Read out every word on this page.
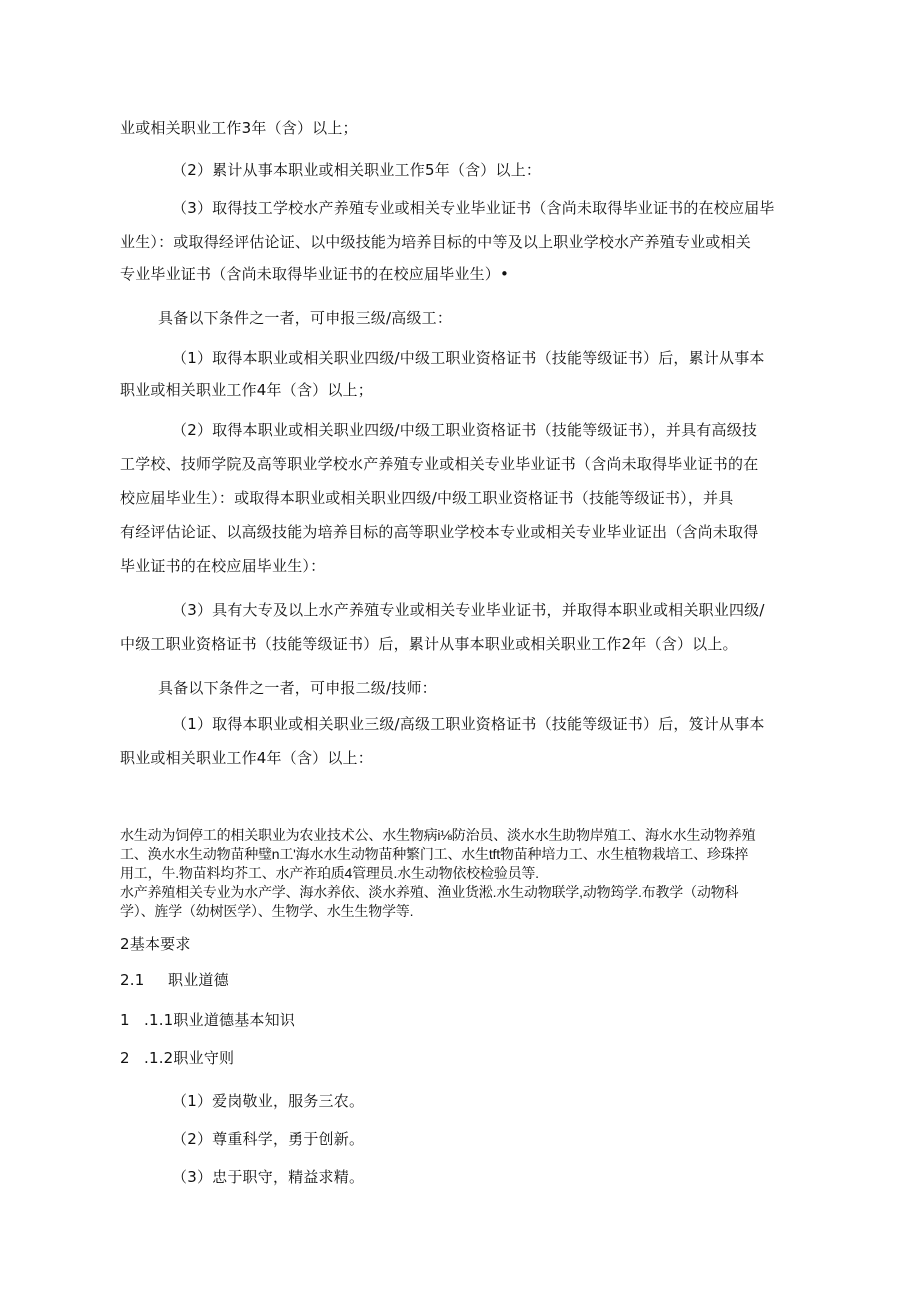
业或相关职业工作3年（含）以上；
（2）累计从事本职业或相关职业工作5年（含）以上：
（3）取得技工学校水产养殖专业或相关专业毕业证书（含尚未取得毕业证书的在校应届毕
业生）：或取得经评估论证、以中级技能为培养目标的中等及以上职业学校水产养殖专业或相关
专业毕业证书（含尚未取得毕业证书的在校应届毕业生）•
具备以下条件之一者，可申报三级/高级工：
（1）取得本职业或相关职业四级/中级工职业资格证书（技能等级证书）后，累计从事本
职业或相关职业工作4年（含）以上；
（2）取得本职业或相关职业四级/中级工职业资格证书（技能等级证书），并具有高级技
工学校、技师学院及高等职业学校水产养殖专业或相关专业毕业证书（含尚未取得毕业证书的在
校应届毕业生）：或取得本职业或相关职业四级/中级工职业资格证书（技能等级证书），并具
有经评估论证、以高级技能为培养目标的高等职业学校本专业或相关专业毕业证出（含尚未取得
毕业证书的在校应届毕业生）：
（3）具有大专及以上水产养殖专业或相关专业毕业证书，并取得本职业或相关职业四级/
中级工职业资格证书（技能等级证书）后，累计从事本职业或相关职业工作2年（含）以上。
具备以下条件之一者，可申报二级/技师：
（1）取得本职业或相关职业三级/高级工职业资格证书（技能等级证书）后，笈计从事本
职业或相关职业工作4年（含）以上：
水生动为饲停工的相关职业为农业技术公、水生物病i⅛防治员、淡水水生助物岸殖工、海水水生动物养殖
工、涣水水生动物苗种璧n工'海水水生动物苗种繁门工、水生tft物苗种培力工、水生植物栽培工、珍珠捽
用工，牛.物苗料均芥工、水产祚珀质4管理员.水生动物依校检验员等.
水产养殖相关专业为水产学、海水养依、淡水养殖、渔业货淞.水生动物联学,动物筠学.布教学（动物科
学）、旌学（幼树医学）、生物学、水生生物学等.
2基本要求
2.1 职业道德
1 .1.1职业道德基本知识
2 .1.2职业守则
（1）爱岗敬业，服务三农。
（2）尊重科学，勇于创新。
（3）忠于职守，精益求精。
